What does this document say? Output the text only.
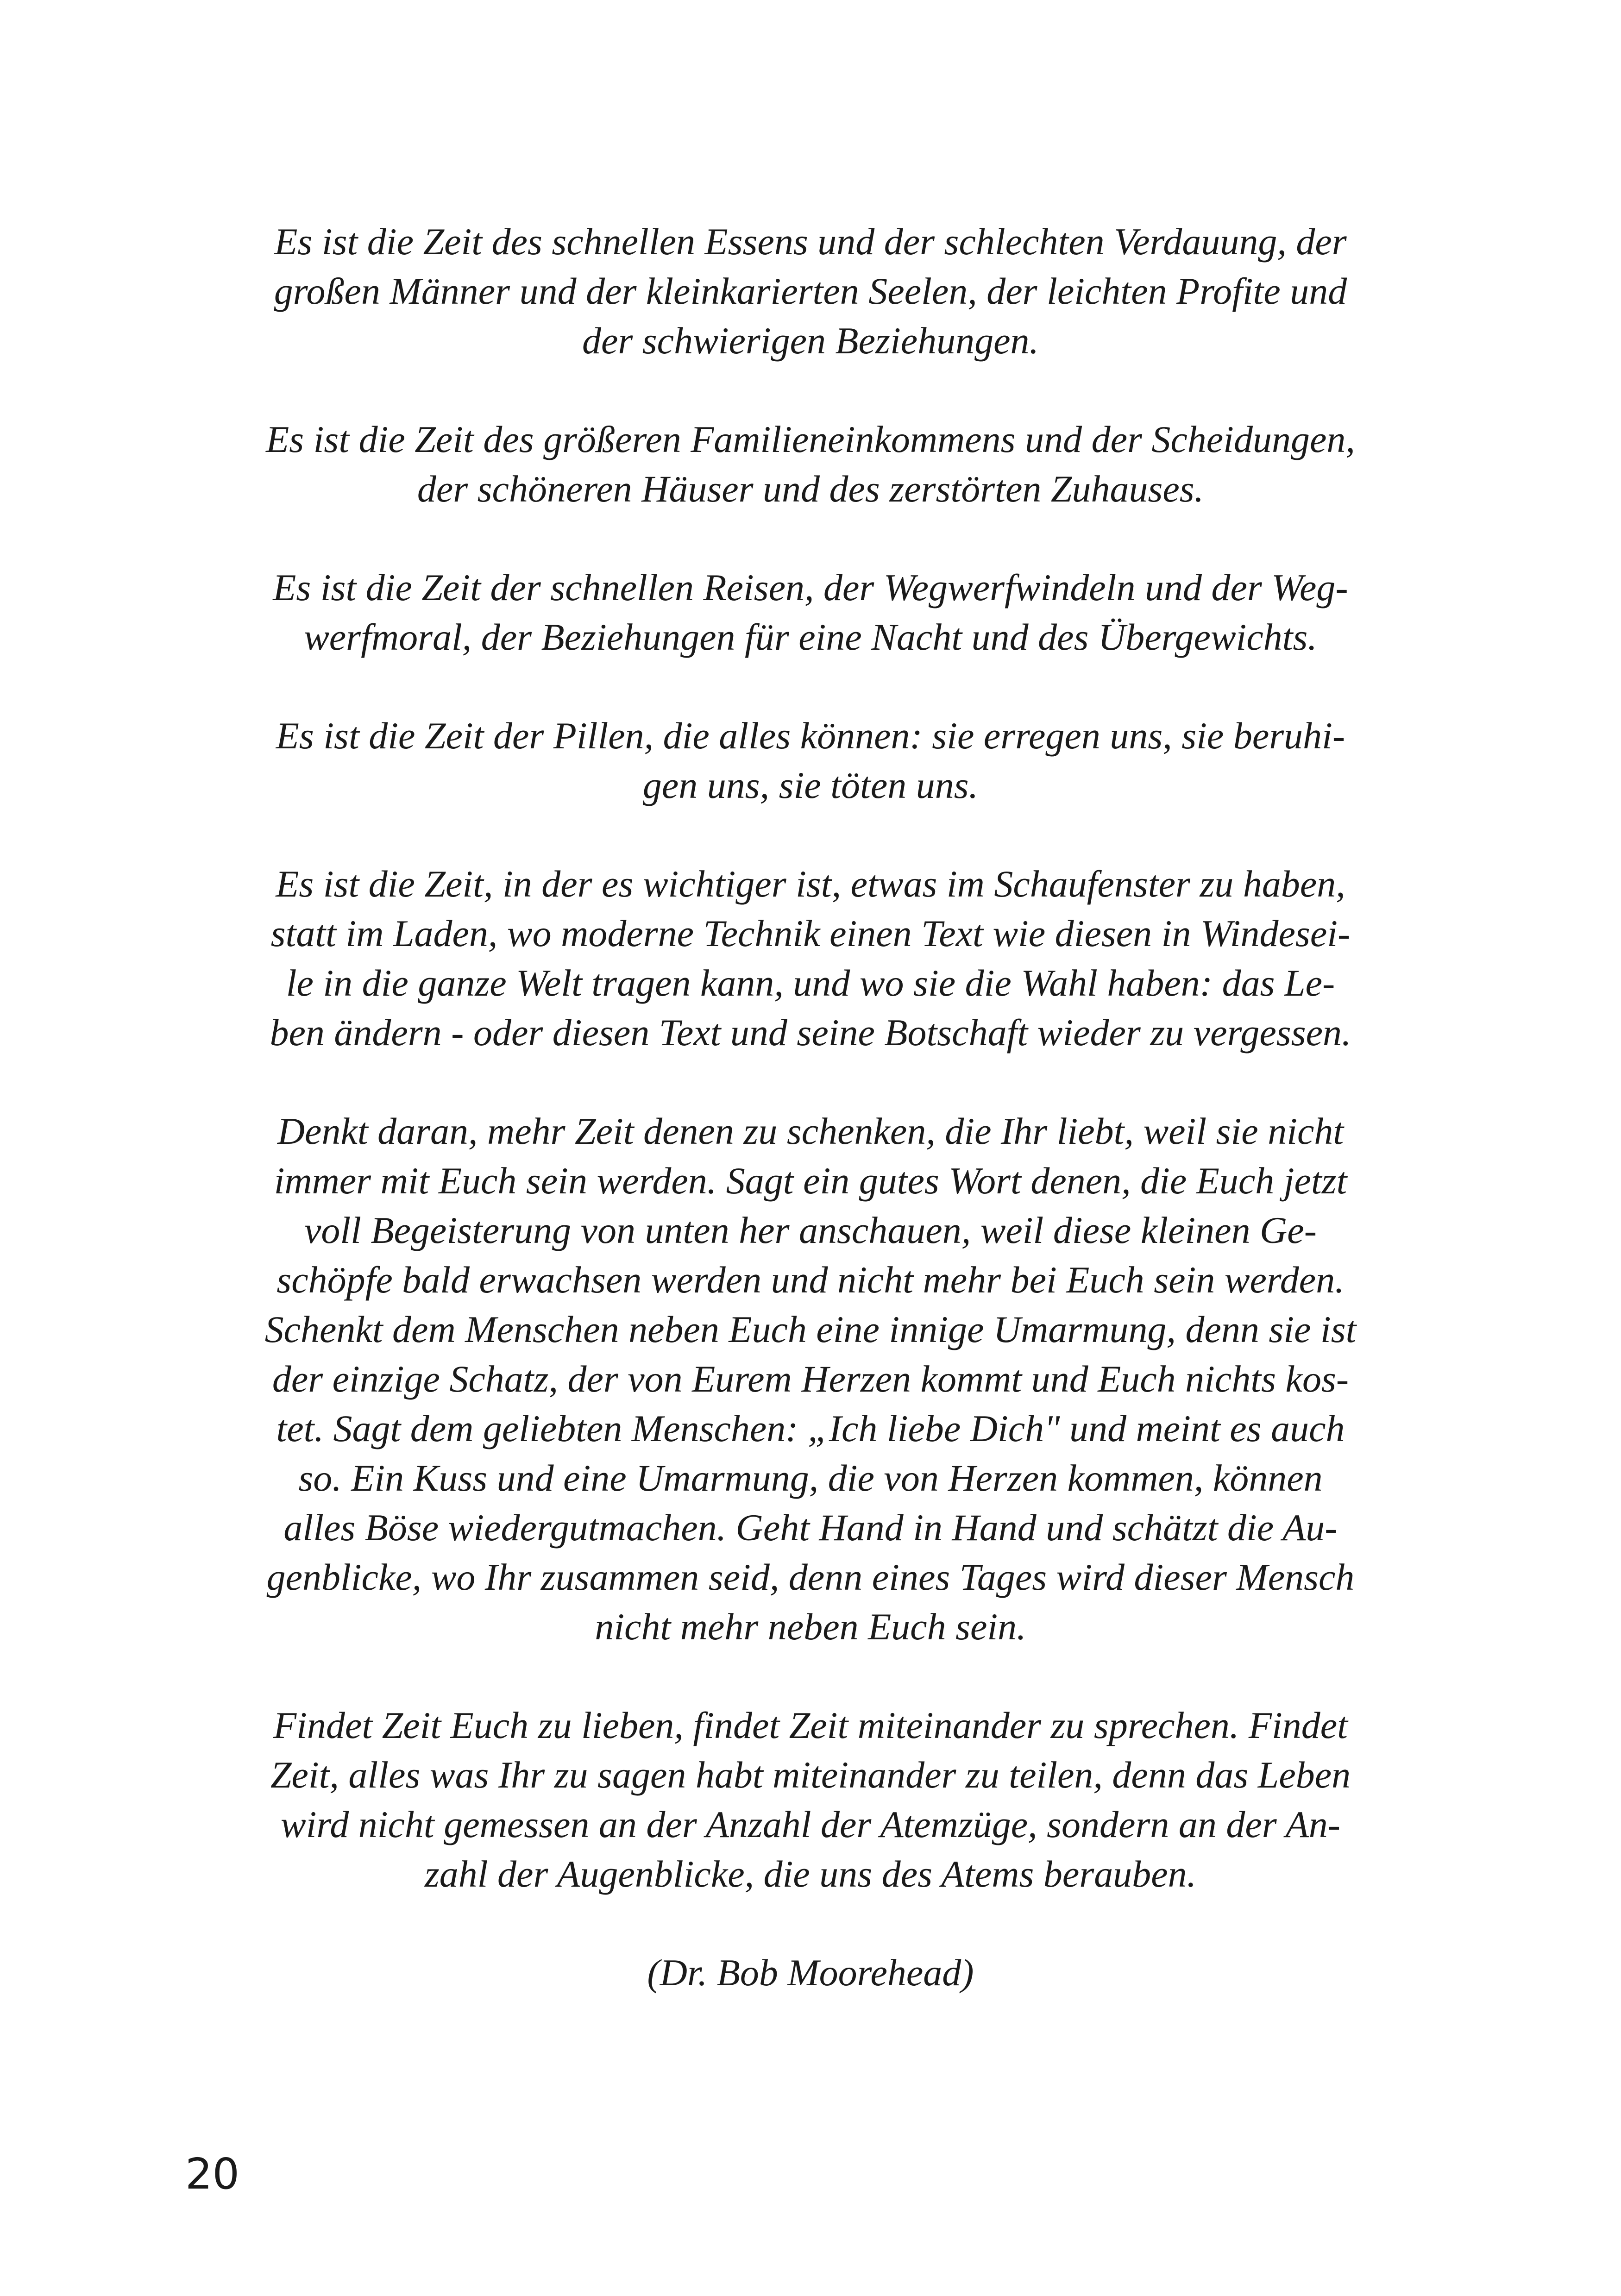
Es ist die Zeit des schnellen Essens und der schlechten Verdauung, der
großen Männer und der kleinkarierten Seelen, der leichten Profite und
der schwierigen Beziehungen.

Es ist die Zeit des größeren Familieneinkommens und der Scheidungen,
der schöneren Häuser und des zerstörten Zuhauses.

Es ist die Zeit der schnellen Reisen, der Wegwerfwindeln und der Weg-
werfmoral, der Beziehungen für eine Nacht und des Übergewichts.

Es ist die Zeit der Pillen, die alles können: sie erregen uns, sie beruhi-
gen uns, sie töten uns.

Es ist die Zeit, in der es wichtiger ist, etwas im Schaufenster zu haben,
statt im Laden, wo moderne Technik einen Text wie diesen in Windesei-
le in die ganze Welt tragen kann, und wo sie die Wahl haben: das Le-
ben ändern - oder diesen Text und seine Botschaft wieder zu vergessen.

Denkt daran, mehr Zeit denen zu schenken, die Ihr liebt, weil sie nicht
immer mit Euch sein werden. Sagt ein gutes Wort denen, die Euch jetzt
voll Begeisterung von unten her anschauen, weil diese kleinen Ge-
schöpfe bald erwachsen werden und nicht mehr bei Euch sein werden.
Schenkt dem Menschen neben Euch eine innige Umarmung, denn sie ist
der einzige Schatz, der von Eurem Herzen kommt und Euch nichts kos-
tet. Sagt dem geliebten Menschen: „Ich liebe Dich" und meint es auch
so. Ein Kuss und eine Umarmung, die von Herzen kommen, können
alles Böse wiedergutmachen. Geht Hand in Hand und schätzt die Au-
genblicke, wo Ihr zusammen seid, denn eines Tages wird dieser Mensch
nicht mehr neben Euch sein.

Findet Zeit Euch zu lieben, findet Zeit miteinander zu sprechen. Findet
Zeit, alles was Ihr zu sagen habt miteinander zu teilen, denn das Leben
wird nicht gemessen an der Anzahl der Atemzüge, sondern an der An-
zahl der Augenblicke, die uns des Atems berauben.

(Dr. Bob Moorehead)

20
